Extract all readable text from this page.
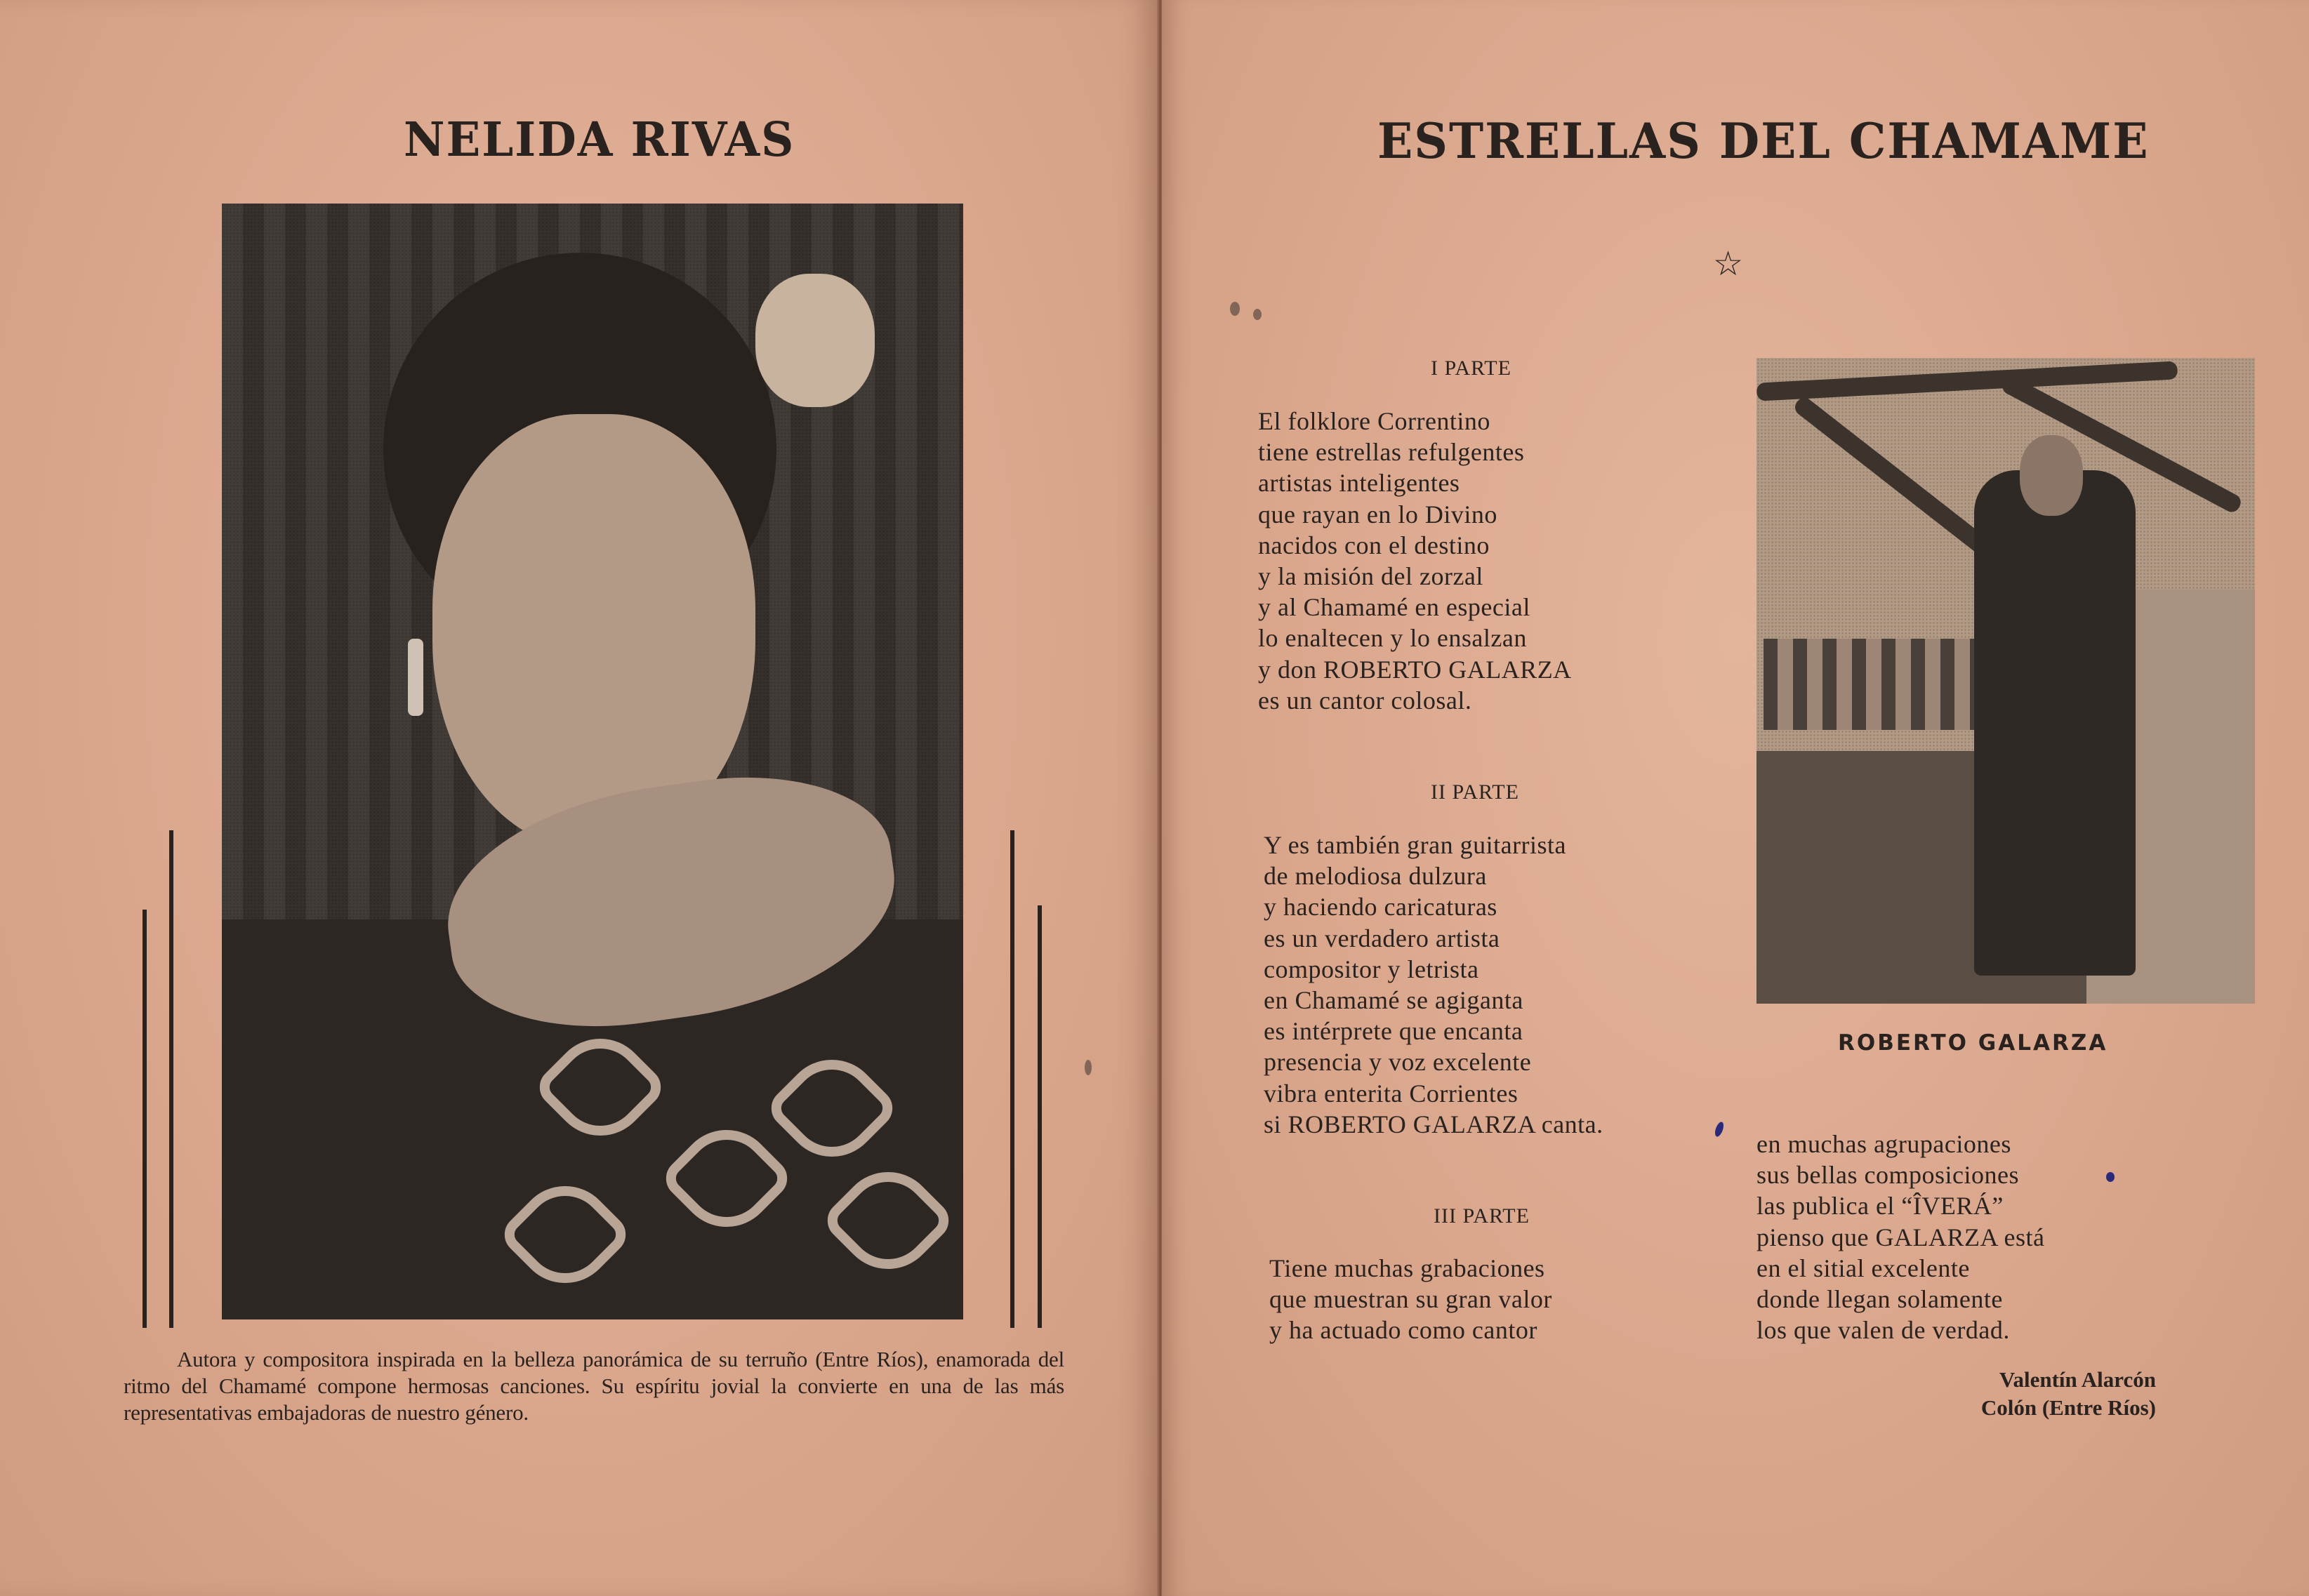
NELIDA RIVAS

Autora y compositora inspirada en la belleza panorámica de su terruño (Entre Ríos), enamorada del ritmo del Chamamé compone hermosas canciones. Su espíritu jovial la convierte en una de las más representativas embajadoras de nuestro género.

ESTRELLAS DEL CHAMAME
☆
I PARTE
El folklore Correntino
tiene estrellas refulgentes
artistas inteligentes
que rayan en lo Divino
nacidos con el destino
y la misión del zorzal
y al Chamamé en especial
lo enaltecen y lo ensalzan
y don ROBERTO GALARZA
es un cantor colosal.
II PARTE
Y es también gran guitarrista
de melodiosa dulzura
y haciendo caricaturas
es un verdadero artista
compositor y letrista
en Chamamé se agiganta
es intérprete que encanta
presencia y voz excelente
vibra enterita Corrientes
si ROBERTO GALARZA canta.
III PARTE
Tiene muchas grabaciones
que muestran su gran valor
y ha actuado como cantor
ROBERTO GALARZA
en muchas agrupaciones
sus bellas composiciones
las publica el “ÎVERÁ”
pienso que GALARZA está
en el sitial excelente
donde llegan solamente
los que valen de verdad.
Valentín Alarcón
Colón (Entre Ríos)
